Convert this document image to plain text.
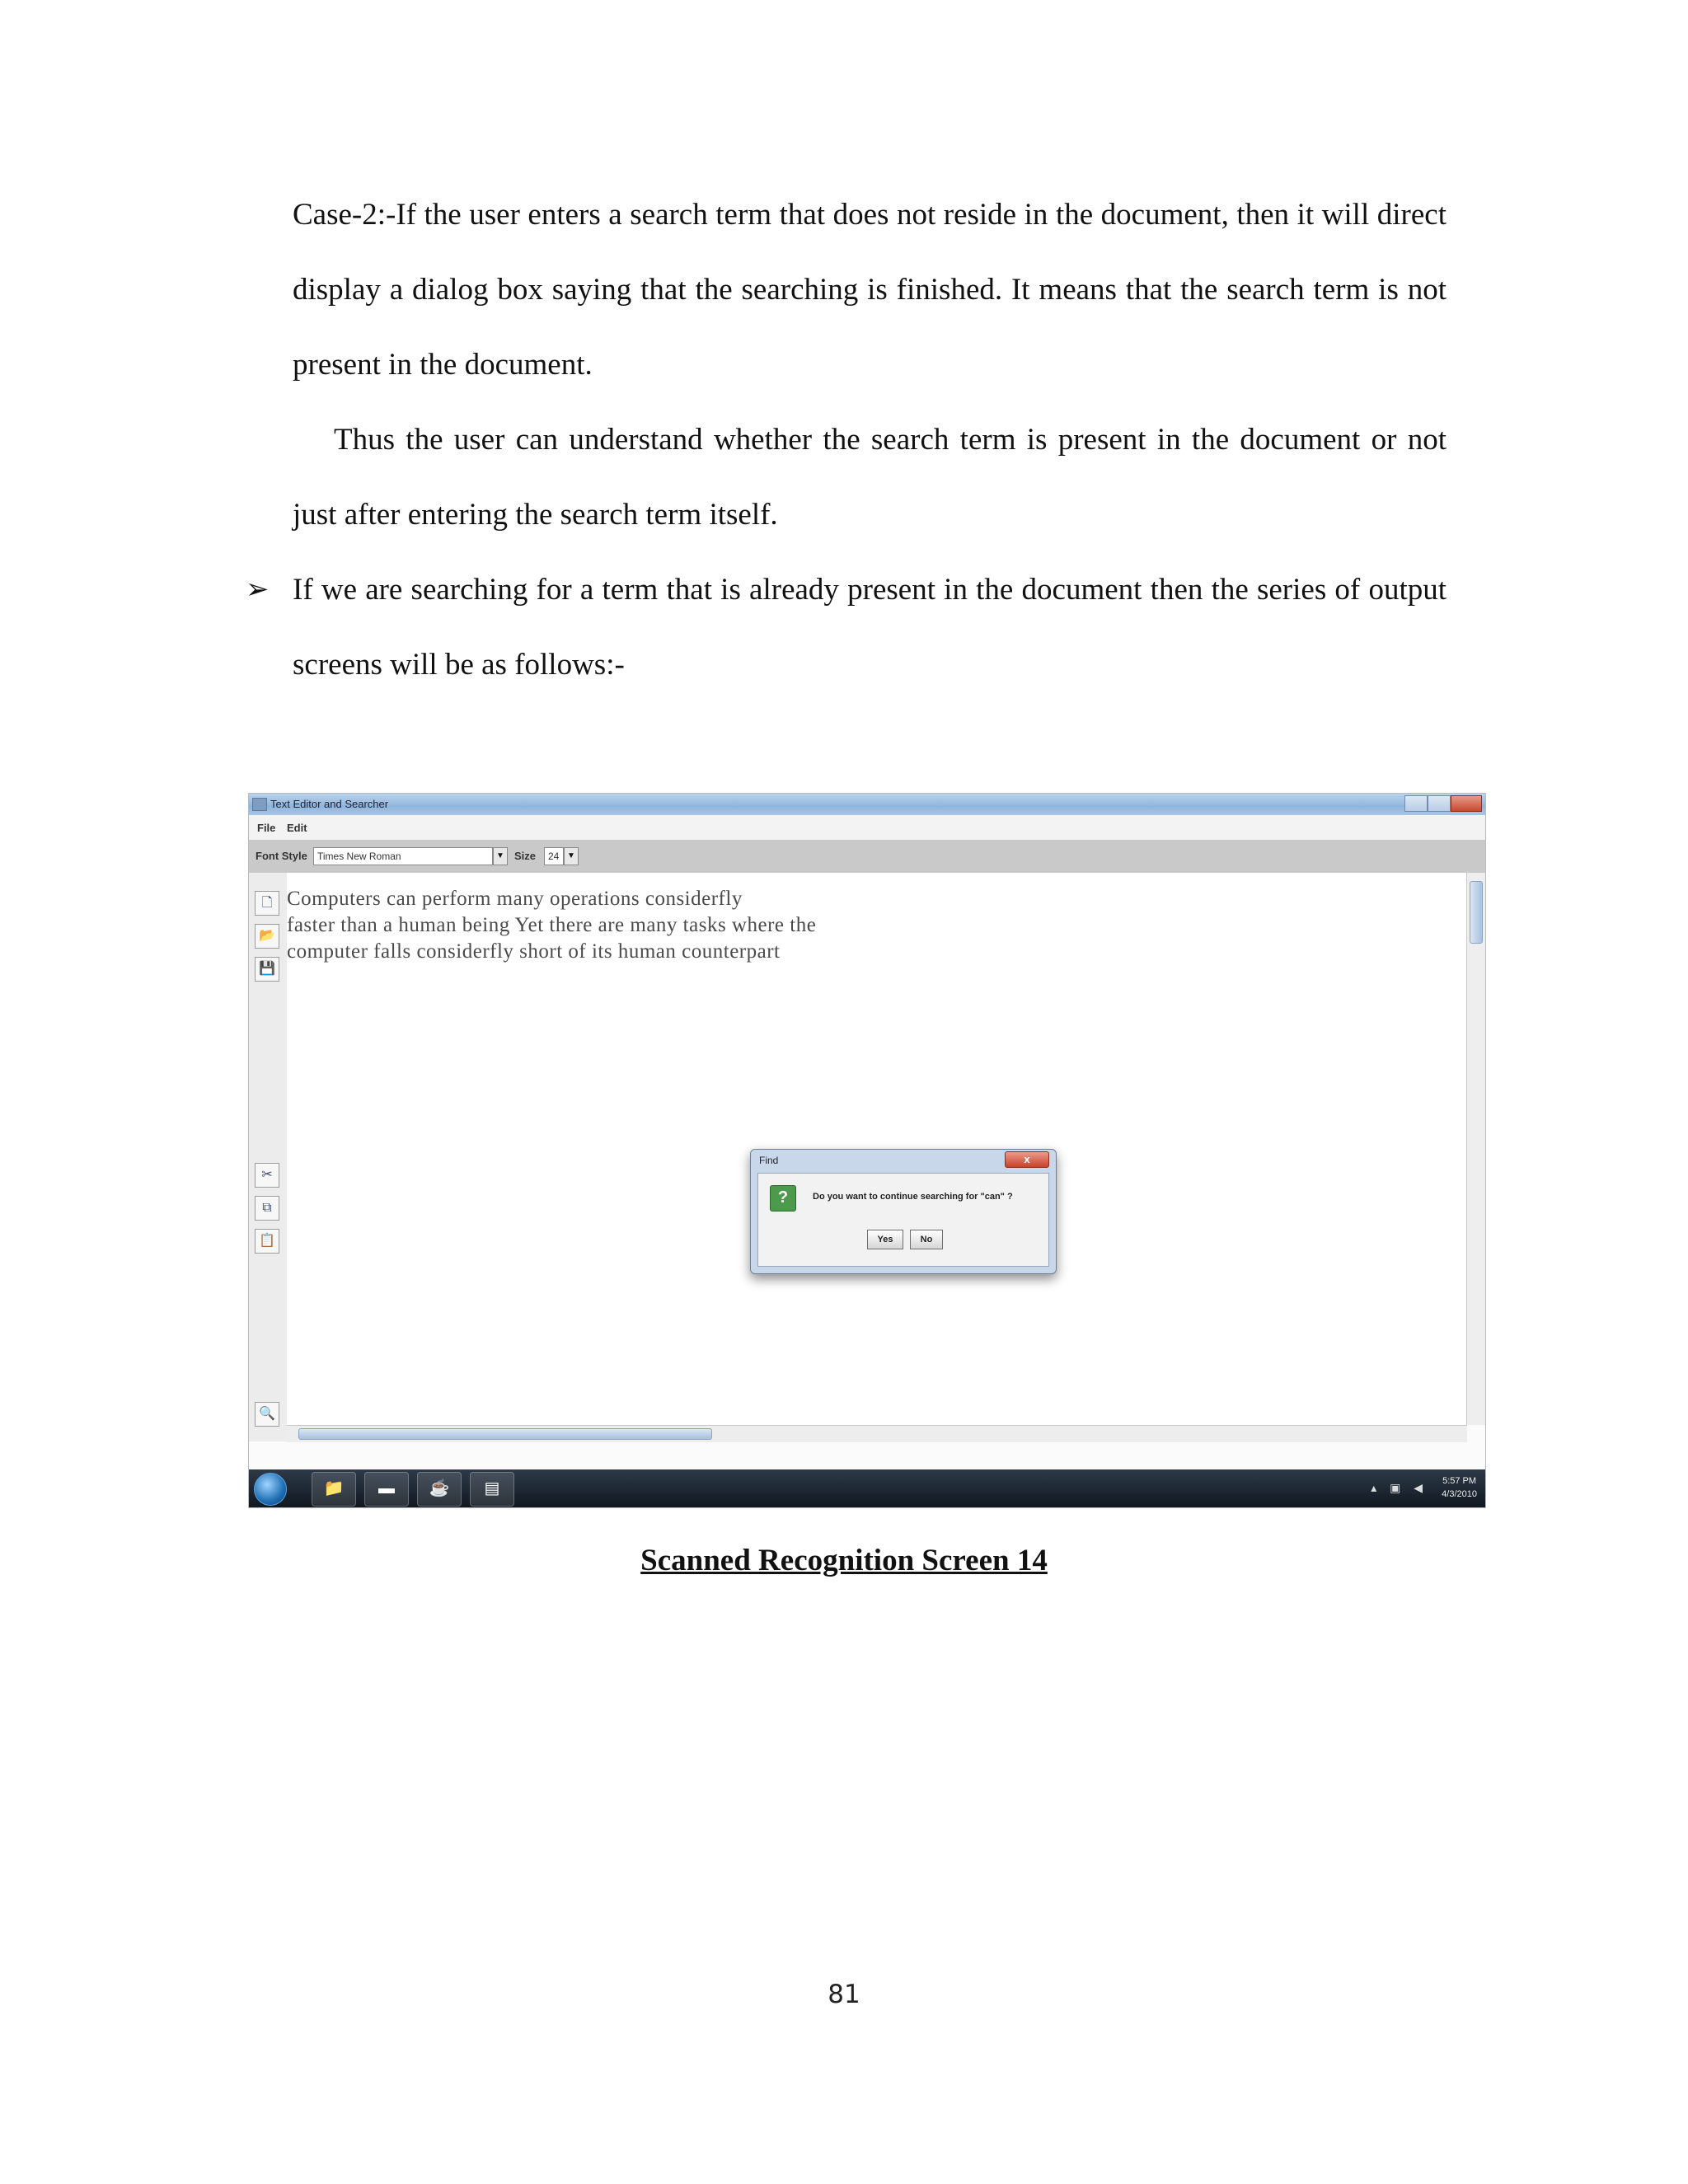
Case-2:-If the user enters a search term that does not reside in the document, then it will direct display a dialog box saying that the searching is finished. It means that the search term is not present in the document.

Thus the user can understand whether the search term is present in the document or not just after entering the search term itself.

➢ If we are searching for a term that is already present in the document then the series of output screens will be as follows:-

Text Editor and Searcher
File Edit
Font Style	Times New Roman	▼ Size	24 ▼
🗋
📂
💾
✂
⧉
📋
🔍
Computers can perform many operations considerfly
faster than a human being Yet there are many tasks where the
computer falls considerfly short of its human counterpart
Find	x
?	Do you want to continue searching for "can" ?
Yes	No
📁	▬	☕	▤	▴ ▣ ◀ 5:57 PM
4/3/2010
Scanned Recognition Screen 14
81
